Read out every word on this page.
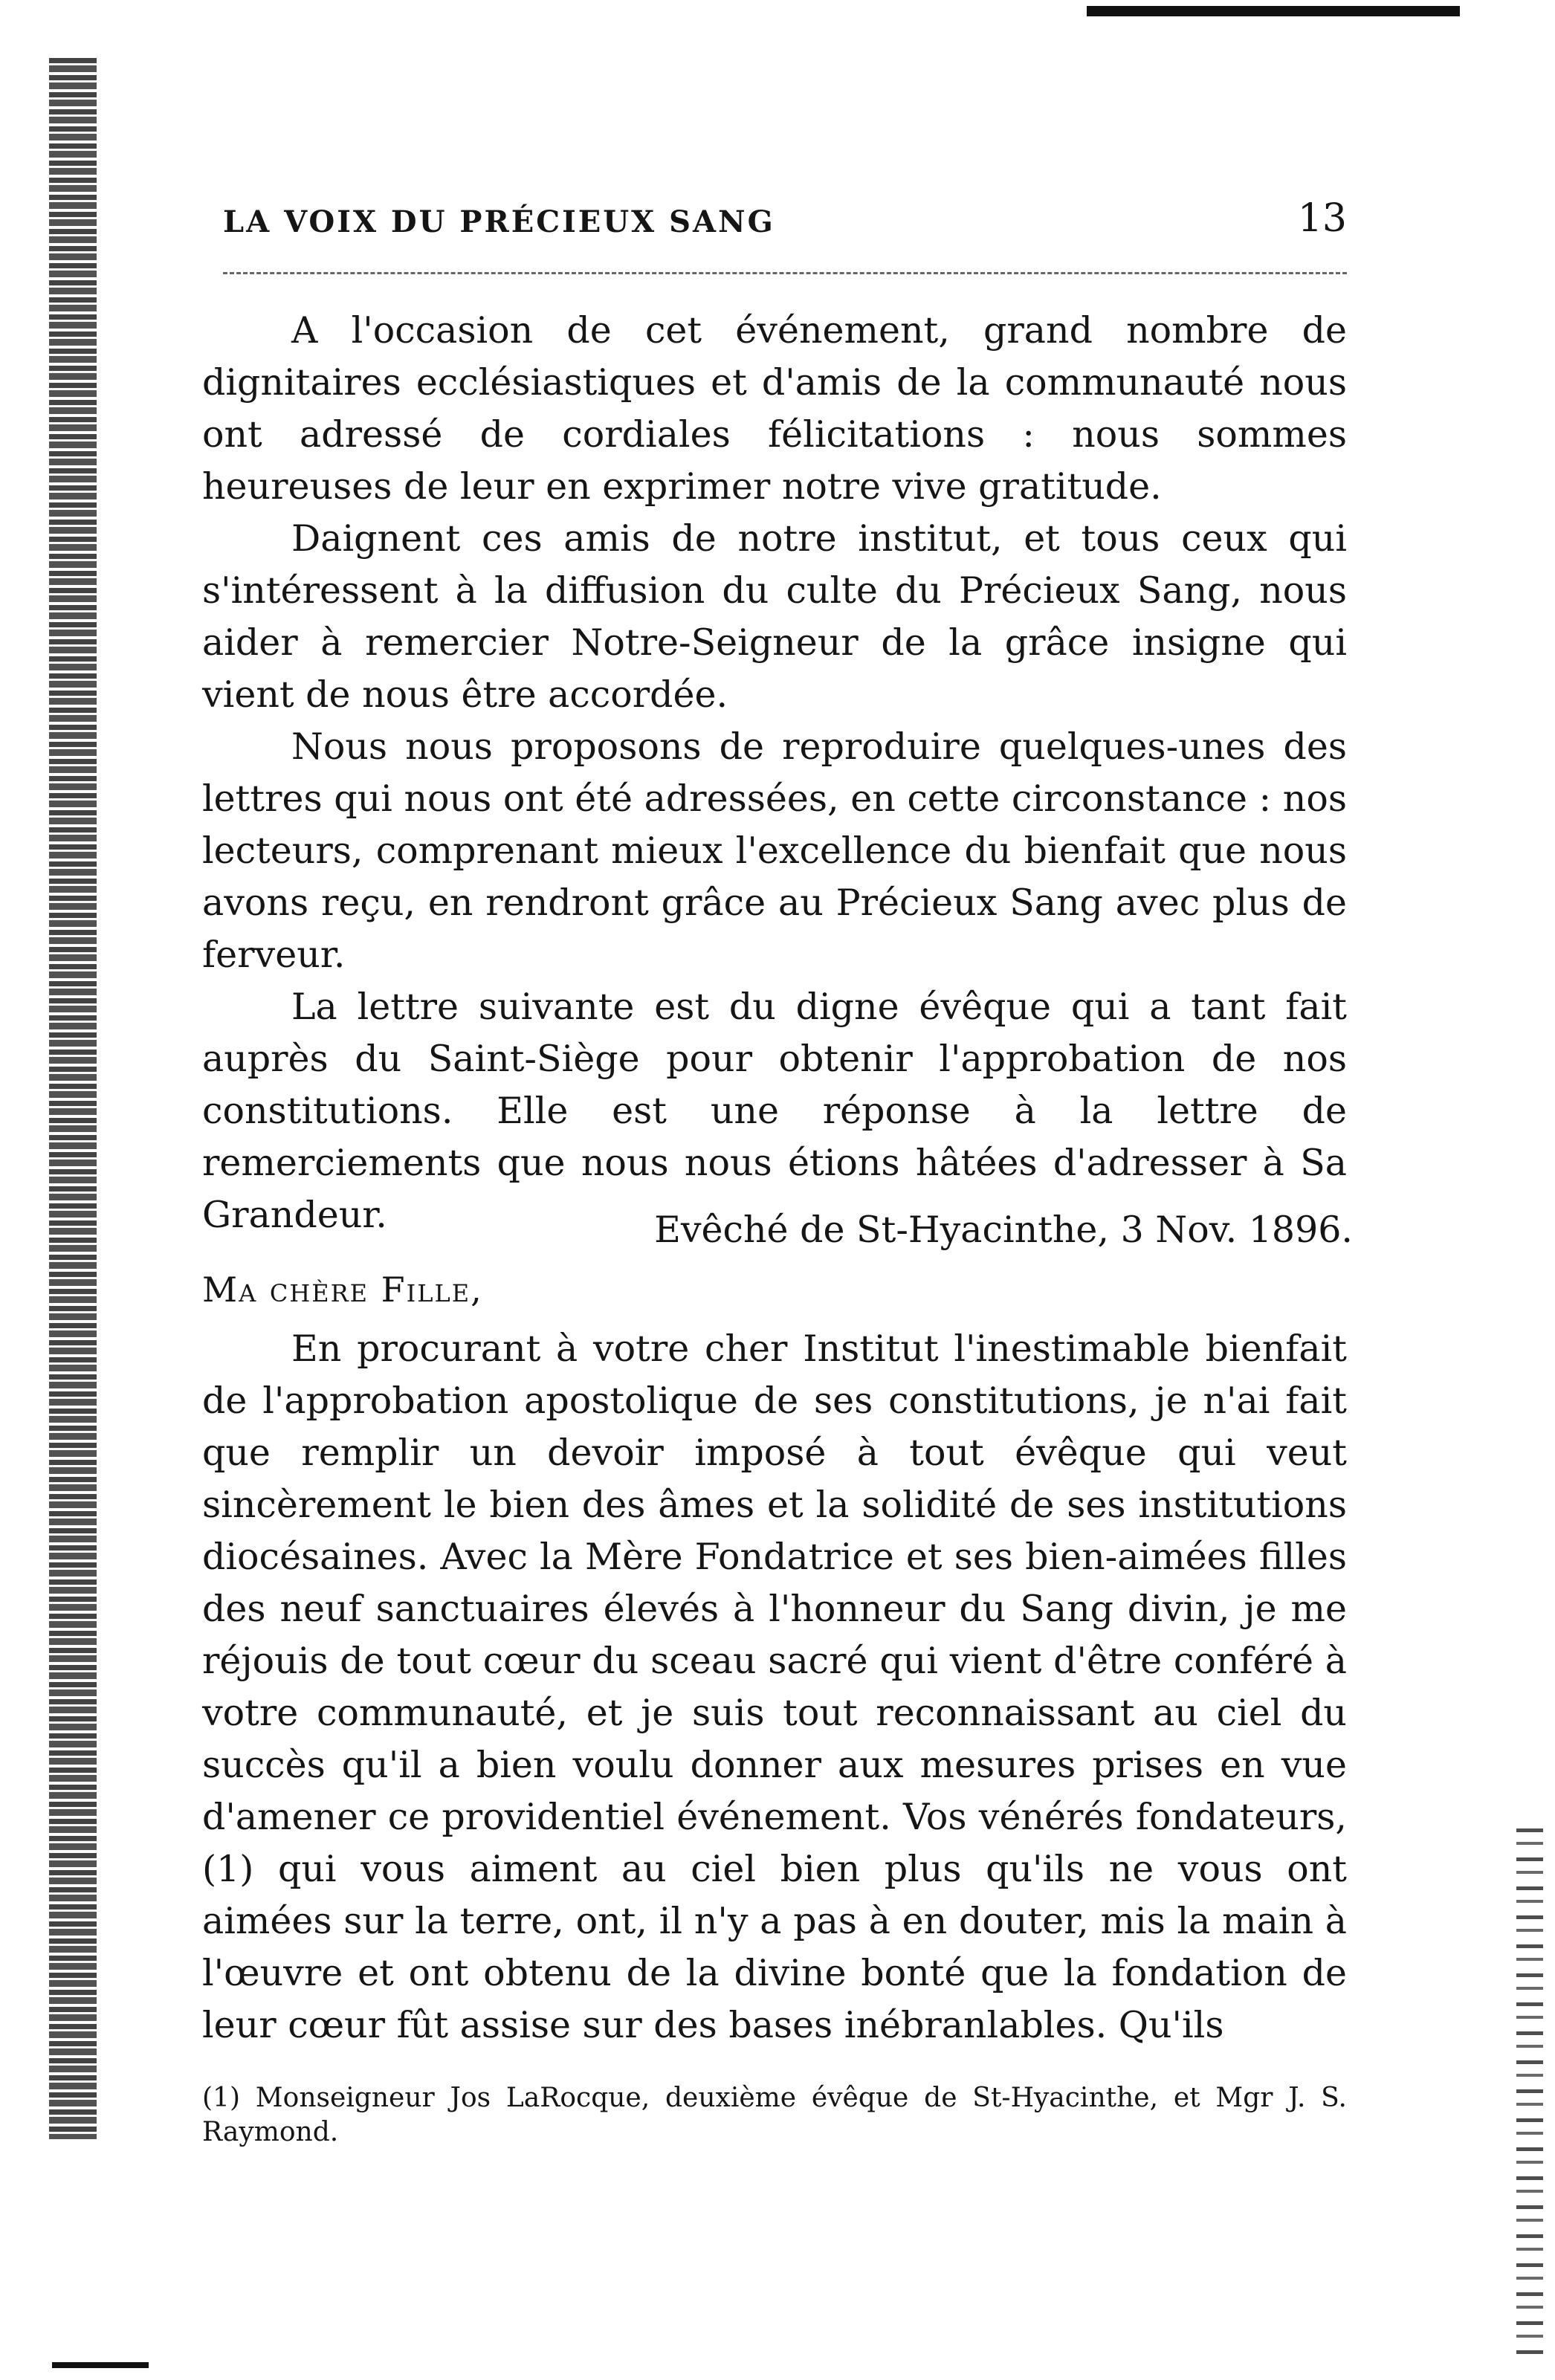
LA VOIX DU PRÉCIEUX SANG	13

A l'occasion de cet événement, grand nombre de dignitaires ecclésiastiques et d'amis de la communauté nous ont adressé de cordiales félicitations : nous sommes heureuses de leur en exprimer notre vive gratitude.

Daignent ces amis de notre institut, et tous ceux qui s'intéressent à la diffusion du culte du Précieux Sang, nous aider à remercier Notre-Seigneur de la grâce insigne qui vient de nous être accordée.

Nous nous proposons de reproduire quelques-unes des lettres qui nous ont été adressées, en cette circonstance : nos lecteurs, comprenant mieux l'excellence du bienfait que nous avons reçu, en rendront grâce au Précieux Sang avec plus de ferveur.

La lettre suivante est du digne évêque qui a tant fait auprès du Saint-Siège pour obtenir l'approbation de nos constitutions. Elle est une réponse à la lettre de remerciements que nous nous étions hâtées d'adresser à Sa Grandeur.	Evêché de St-Hyacinthe, 3 Nov. 1896.
Ma chère Fille,

En procurant à votre cher Institut l'inestimable bienfait de l'approbation apostolique de ses constitutions, je n'ai fait que remplir un devoir imposé à tout évêque qui veut sincèrement le bien des âmes et la solidité de ses institutions diocésaines. Avec la Mère Fondatrice et ses bien-aimées filles des neuf sanctuaires élevés à l'honneur du Sang divin, je me réjouis de tout cœur du sceau sacré qui vient d'être conféré à votre communauté, et je suis tout reconnaissant au ciel du succès qu'il a bien voulu donner aux mesures prises en vue d'amener ce providentiel événement. Vos vénérés fondateurs, (1) qui vous aiment au ciel bien plus qu'ils ne vous ont aimées sur la terre, ont, il n'y a pas à en douter, mis la main à l'œuvre et ont obtenu de la divine bonté que la fondation de leur cœur fût assise sur des bases inébranlables. Qu'ils

(1) Monseigneur Jos LaRocque, deuxième évêque de St-Hyacinthe, et Mgr J. S. Raymond.
